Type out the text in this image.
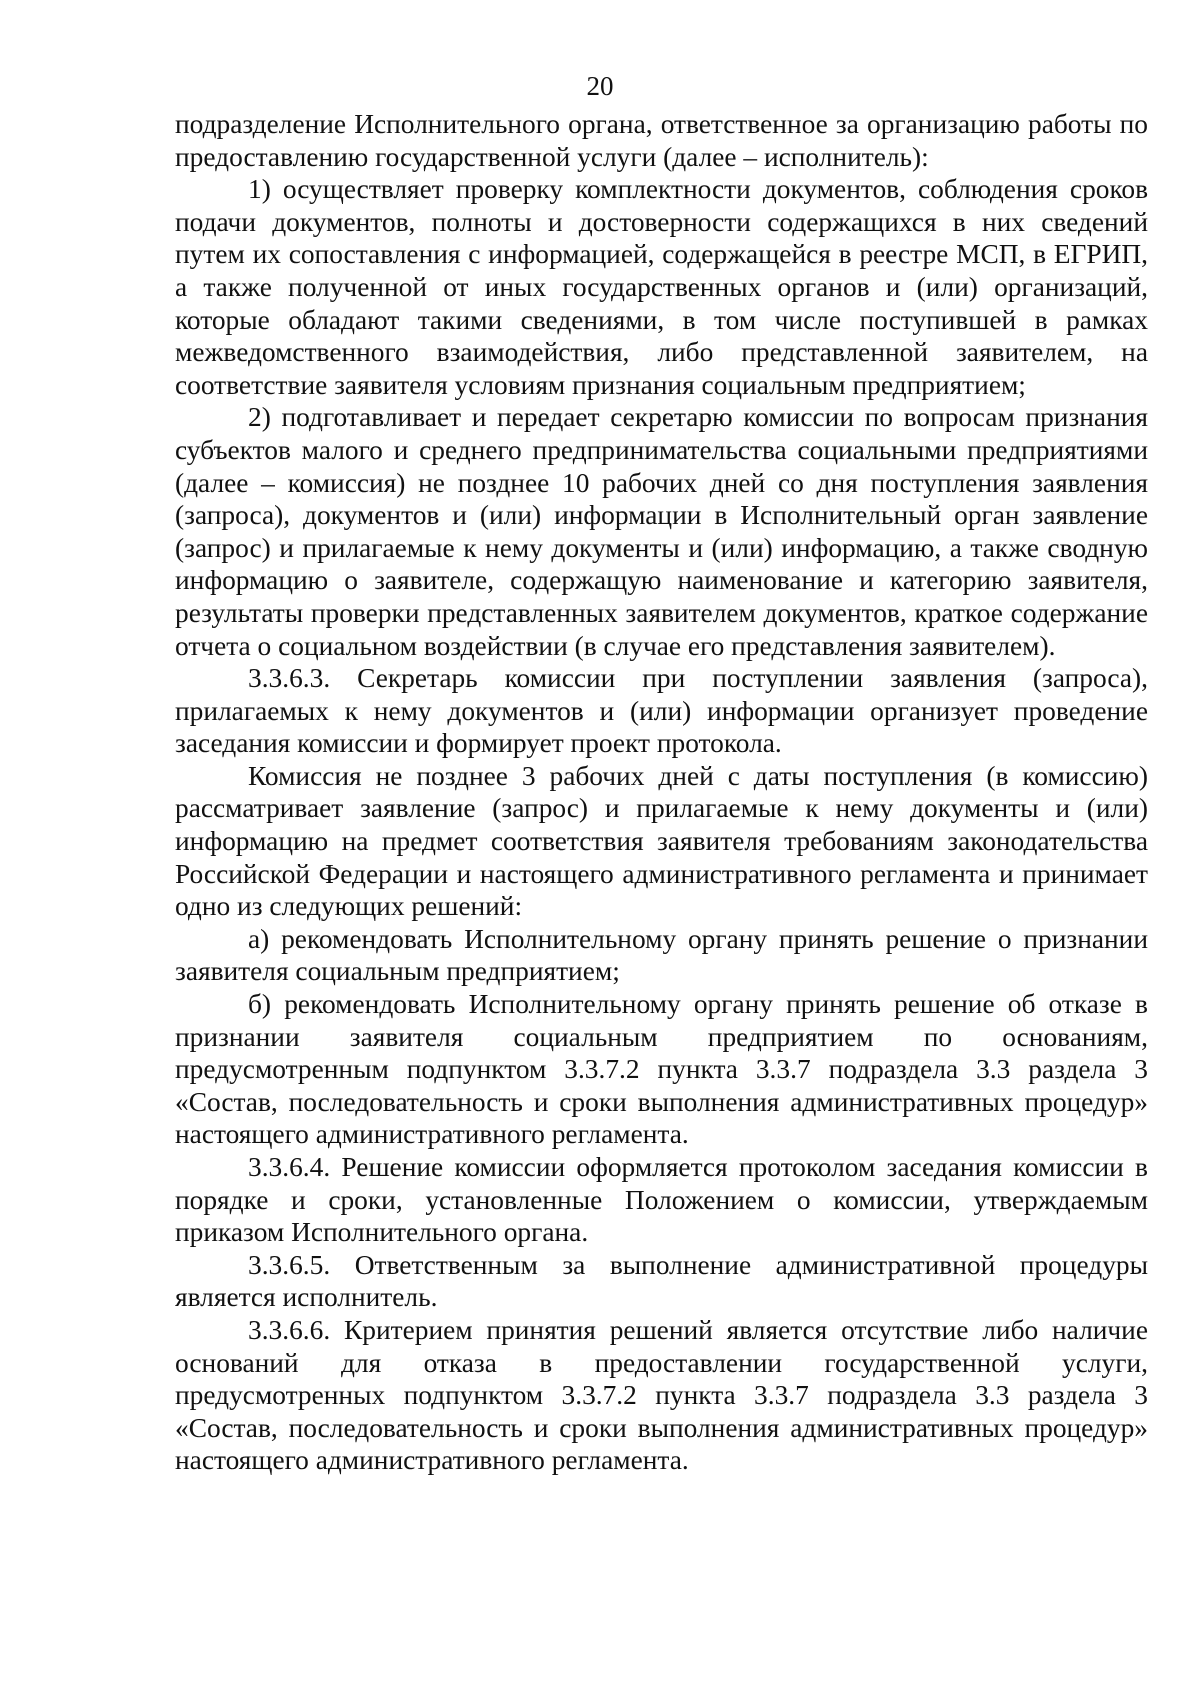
20

подразделение Исполнительного органа, ответственное за организацию работы по предоставлению государственной услуги (далее – исполнитель):

1) осуществляет проверку комплектности документов, соблюдения сроков подачи документов, полноты и достоверности содержащихся в них сведений путем их сопоставления с информацией, содержащейся в реестре МСП, в ЕГРИП, а также полученной от иных государственных органов и (или) организаций, которые обладают такими сведениями, в том числе поступившей в рамках межведомственного взаимодействия, либо представленной заявителем, на соответствие заявителя условиям признания социальным предприятием;

2) подготавливает и передает секретарю комиссии по вопросам признания субъектов малого и среднего предпринимательства социальными предприятиями (далее – комиссия) не позднее 10 рабочих дней со дня поступления заявления (запроса), документов и (или) информации в Исполнительный орган заявление (запрос) и прилагаемые к нему документы и (или) информацию, а также сводную информацию о заявителе, содержащую наименование и категорию заявителя, результаты проверки представленных заявителем документов, краткое содержание отчета о социальном воздействии (в случае его представления заявителем).

3.3.6.3. Секретарь комиссии при поступлении заявления (запроса), прилагаемых к нему документов и (или) информации организует проведение заседания комиссии и формирует проект протокола.

Комиссия не позднее 3 рабочих дней с даты поступления (в комиссию) рассматривает заявление (запрос) и прилагаемые к нему документы и (или) информацию на предмет соответствия заявителя требованиям законодательства Российской Федерации и настоящего административного регламента и принимает одно из следующих решений:

а) рекомендовать Исполнительному органу принять решение о признании заявителя социальным предприятием;

б) рекомендовать Исполнительному органу принять решение об отказе в признании заявителя социальным предприятием по основаниям, предусмотренным подпунктом 3.3.7.2 пункта 3.3.7 подраздела 3.3 раздела 3 «Состав, последовательность и сроки выполнения административных процедур» настоящего административного регламента.

3.3.6.4. Решение комиссии оформляется протоколом заседания комиссии в порядке и сроки, установленные Положением о комиссии, утверждаемым приказом Исполнительного органа.

3.3.6.5. Ответственным за выполнение административной процедуры является исполнитель.

3.3.6.6. Критерием принятия решений является отсутствие либо наличие оснований для отказа в предоставлении государственной услуги, предусмотренных подпунктом 3.3.7.2 пункта 3.3.7 подраздела 3.3 раздела 3 «Состав, последовательность и сроки выполнения административных процедур» настоящего административного регламента.
